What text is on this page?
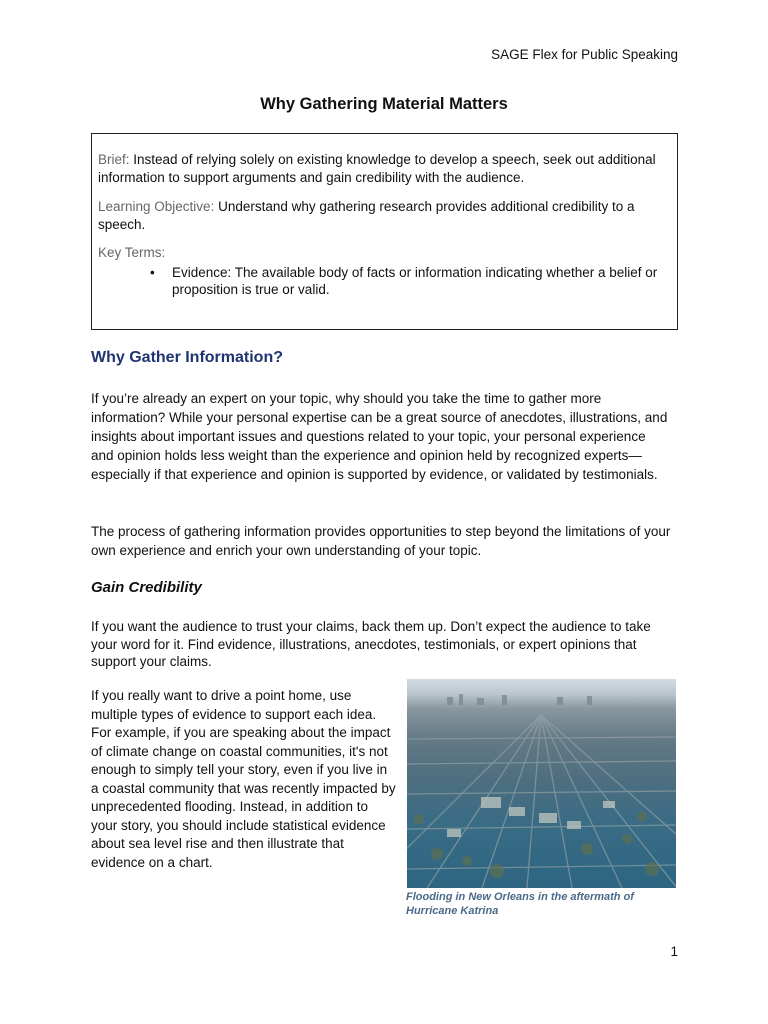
SAGE Flex for Public Speaking
Why Gathering Material Matters

Brief: Instead of relying solely on existing knowledge to develop a speech, seek out additional information to support arguments and gain credibility with the audience.

Learning Objective: Understand why gathering research provides additional credibility to a speech.

Key Terms:

• Evidence: The available body of facts or information indicating whether a belief or proposition is true or valid.
Why Gather Information?

If you’re already an expert on your topic, why should you take the time to gather more information? While your personal expertise can be a great source of anecdotes, illustrations, and insights about important issues and questions related to your topic, your personal experience and opinion holds less weight than the experience and opinion held by recognized experts—especially if that experience and opinion is supported by evidence, or validated by testimonials.

The process of gathering information provides opportunities to step beyond the limitations of your own experience and enrich your own understanding of your topic.

Gain Credibility

If you want the audience to trust your claims, back them up. Don’t expect the audience to take your word for it. Find evidence, illustrations, anecdotes, testimonials, or expert opinions that support your claims.

If you really want to drive a point home, use multiple types of evidence to support each idea. For example, if you are speaking about the impact of climate change on coastal communities, it's not enough to simply tell your story, even if you live in a coastal community that was recently impacted by unprecedented flooding. Instead, in addition to your story, you should include statistical evidence about sea level rise and then illustrate that evidence on a chart.

Flooding in New Orleans in the aftermath of Hurricane Katrina
1
